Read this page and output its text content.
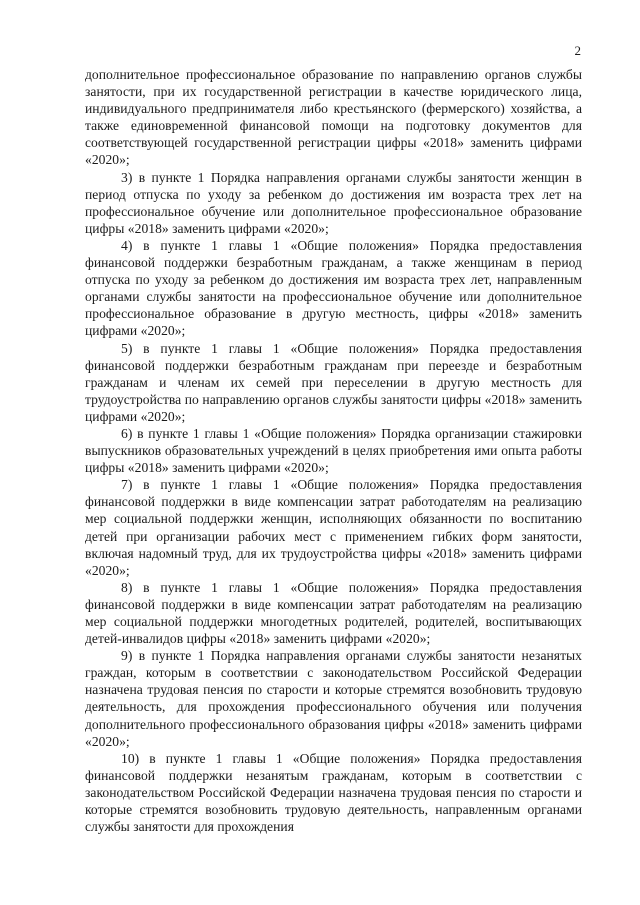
2

дополнительное профессиональное образование по направлению органов службы занятости, при их государственной регистрации в качестве юридического лица, индивидуального предпринимателя либо крестьянского (фермерского) хозяйства, а также единовременной финансовой помощи на подготовку документов для соответствующей государственной регистрации цифры «2018» заменить цифрами «2020»;

3) в пункте 1 Порядка направления органами службы занятости женщин в период отпуска по уходу за ребенком до достижения им возраста трех лет на профессиональное обучение или дополнительное профессиональное образование цифры «2018» заменить цифрами «2020»;

4) в пункте 1 главы 1 «Общие положения» Порядка предоставления финансовой поддержки безработным гражданам, а также женщинам в период отпуска по уходу за ребенком до достижения им возраста трех лет, направленным органами службы занятости на профессиональное обучение или дополнительное профессиональное образование в другую местность, цифры «2018» заменить цифрами «2020»;

5) в пункте 1 главы 1 «Общие положения» Порядка предоставления финансовой поддержки безработным гражданам при переезде и безработным гражданам и членам их семей при переселении в другую местность для трудоустройства по направлению органов службы занятости цифры «2018» заменить цифрами «2020»;

6) в пункте 1 главы 1 «Общие положения» Порядка организации стажировки выпускников образовательных учреждений в целях приобретения ими опыта работы цифры «2018» заменить цифрами «2020»;

7) в пункте 1 главы 1 «Общие положения» Порядка предоставления финансовой поддержки в виде компенсации затрат работодателям на реализацию мер социальной поддержки женщин, исполняющих обязанности по воспитанию детей при организации рабочих мест с применением гибких форм занятости, включая надомный труд, для их трудоустройства цифры «2018» заменить цифрами «2020»;

8) в пункте 1 главы 1 «Общие положения» Порядка предоставления финансовой поддержки в виде компенсации затрат работодателям на реализацию мер социальной поддержки многодетных родителей, родителей, воспитывающих детей-инвалидов цифры «2018» заменить цифрами «2020»;

9) в пункте 1 Порядка направления органами службы занятости незанятых граждан, которым в соответствии с законодательством Российской Федерации назначена трудовая пенсия по старости и которые стремятся возобновить трудовую деятельность, для прохождения профессионального обучения или получения дополнительного профессионального образования цифры «2018» заменить цифрами «2020»;

10) в пункте 1 главы 1 «Общие положения» Порядка предоставления финансовой поддержки незанятым гражданам, которым в соответствии с законодательством Российской Федерации назначена трудовая пенсия по старости и которые стремятся возобновить трудовую деятельность, направленным органами службы занятости для прохождения
